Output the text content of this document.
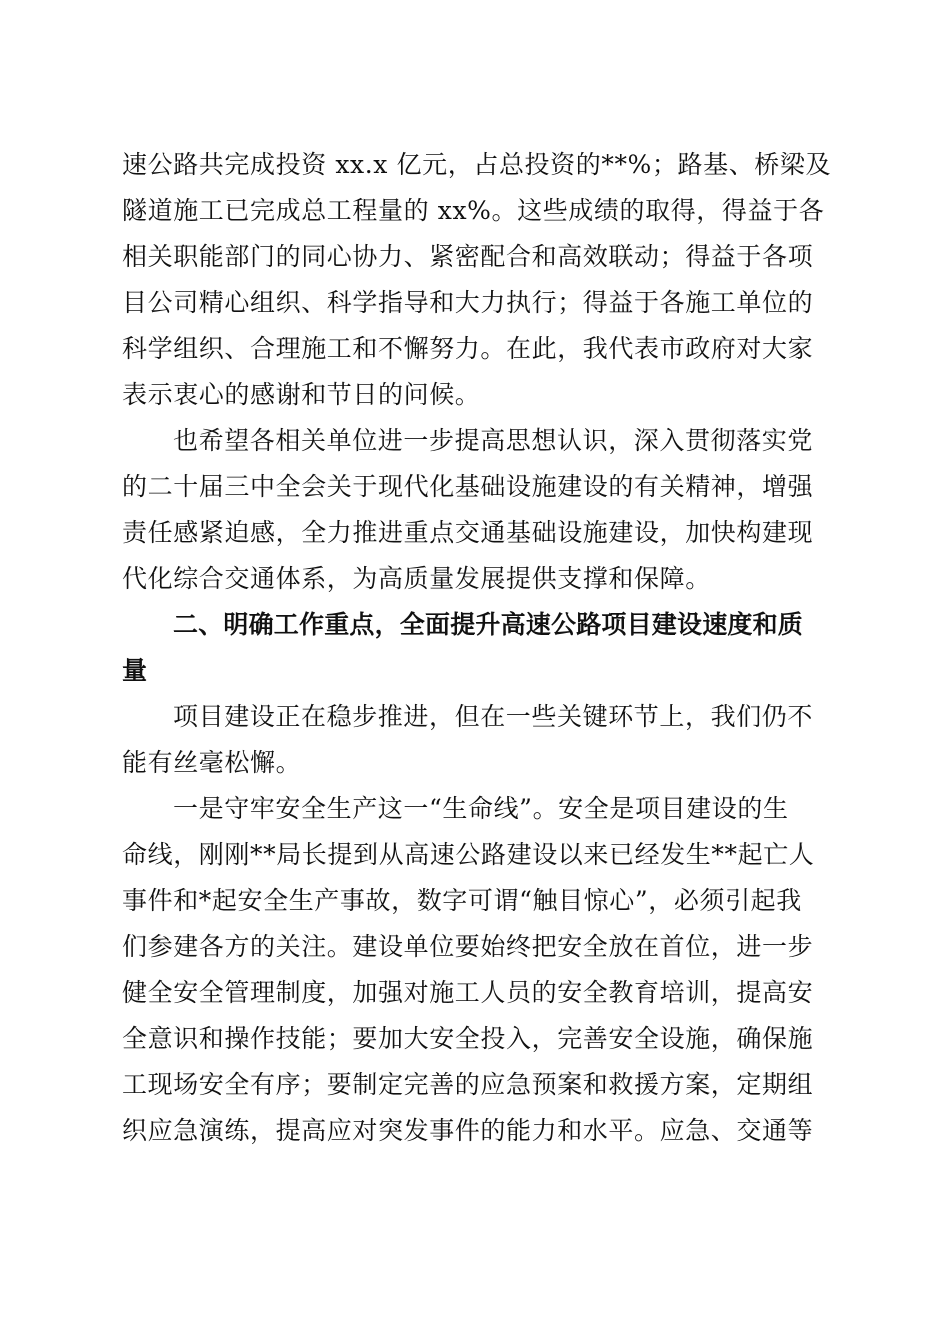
速公路共完成投资 xx.x 亿元，占总投资的**%；路基、桥梁及
隧道施工已完成总工程量的 xx%。这些成绩的取得，得益于各
相关职能部门的同心协力、紧密配合和高效联动；得益于各项
目公司精心组织、科学指导和大力执行；得益于各施工单位的
科学组织、合理施工和不懈努力。在此，我代表市政府对大家
表示衷心的感谢和节日的问候。
也希望各相关单位进一步提高思想认识，深入贯彻落实党
的二十届三中全会关于现代化基础设施建设的有关精神，增强
责任感紧迫感，全力推进重点交通基础设施建设，加快构建现
代化综合交通体系，为高质量发展提供支撑和保障。
二、明确工作重点，全面提升高速公路项目建设速度和质
量
项目建设正在稳步推进，但在一些关键环节上，我们仍不
能有丝毫松懈。
一是守牢安全生产这一“生命线”。安全是项目建设的生
命线，刚刚**局长提到从高速公路建设以来已经发生**起亡人
事件和*起安全生产事故，数字可谓“触目惊心”，必须引起我
们参建各方的关注。建设单位要始终把安全放在首位，进一步
健全安全管理制度，加强对施工人员的安全教育培训，提高安
全意识和操作技能；要加大安全投入，完善安全设施，确保施
工现场安全有序；要制定完善的应急预案和救援方案，定期组
织应急演练，提高应对突发事件的能力和水平。应急、交通等
